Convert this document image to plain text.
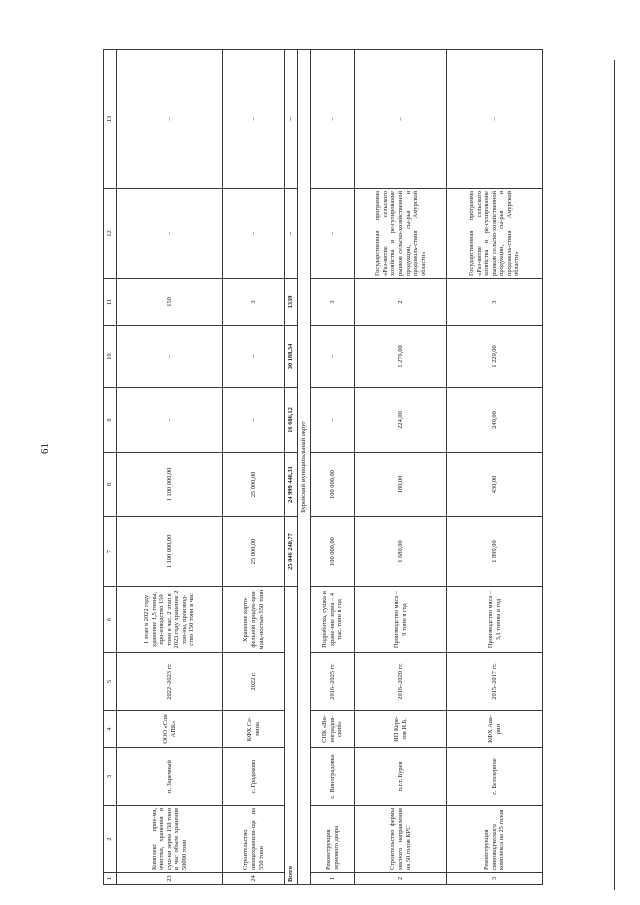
61
1	2	3	4	5	6	7	8	9	10	11	12	13
23	Комплекс прие-ма, очистки, хранения и суш-ки зерна 150 тонн в час объем хранения 50000 тонн	п. Заречный	ООО «Сои АПК»	2022–2023 гг.	1 этап в 2022 году хранение 1,5 тонны, про-изводство 150 тонн в час. 2 этап в 2023 году хранение 2 тон-ны, производ-ство 150 тонн в час	1 100 000,00	1 100 000,00	–	–	150	–	–
24	Строительство овощехранили-ща на 550 тонн	с. Гродеково	КФХ Се-мина	2022 г.	Хранение карто-фельной продук-ции мощ-ностью 550 тонн	25 000,00	25 000,00	–	–	3	–	–
Всего						25 046 240,77	24 999 446,31	16 606,12	30 188,34	1339	–	–
Бурейский муниципальный округ												
1	Реконструкция зернового двора	с. Виноградовка	СПК «Ви-ноградов-ский»	2016–2025 гг.	Подработка, сушка и хране-ние зерна – 4 тыс. тонн в год	100 000,00	100 000,00	–	–	3	–	–
2	Строительство фермы мясного направления на 50 голов КРС	п.г.т. Бурея	ИП Кере-зов И.Б.	2016–2020 гг.	Производство мяса – 9 тонн в год	1 680,00	180,00	224,00	1 276,00	2	Государственная программа «Раз-витие сельского хозяйства и ре-гулирование рынков сельско-хозяйственной продукции, сы-рья и продоволь-ствия Амурской области»	–
3	Реконструкция свиноводческого комплекса на 25 голов	с. Безозерное	КФХ Ава-рин	2015–2017 гг.	Производство мяса – 3,1 тонны в год	1 899,00	430,00	240,00	1 220,00	3	Государственная программа «Раз-витие сельского хозяйства и ре-гулирование рынков сельско-хозяйственной продукции, сы-рья и продоволь-ствия Амурской области»	–
